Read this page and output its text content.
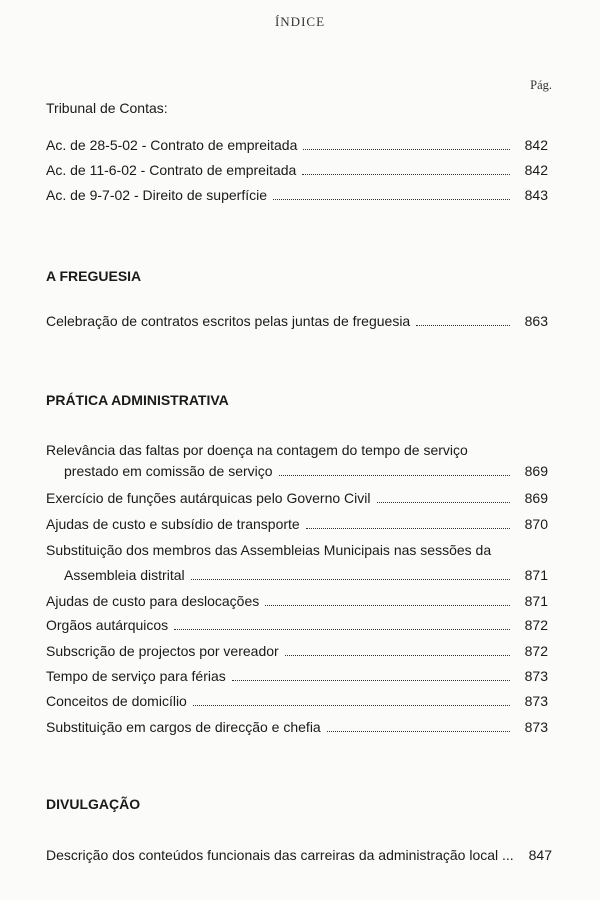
ÍNDICE
Pág.
Tribunal de Contas:
Ac. de 28-5-02 - Contrato de empreitada	842
Ac. de 11-6-02 - Contrato de empreitada	842
Ac. de 9-7-02 - Direito de superfície	843
A FREGUESIA
Celebração de contratos escritos pelas juntas de freguesia	863
PRÁTICA ADMINISTRATIVA
Relevância das faltas por doença na contagem do tempo de serviço
prestado em comissão de serviço	869
Exercício de funções autárquicas pelo Governo Civil	869
Ajudas de custo e subsídio de transporte	870
Substituição dos membros das Assembleias Municipais nas sessões da
Assembleia distrital	871
Ajudas de custo para deslocações	871
Orgãos autárquicos	872
Subscrição de projectos por vereador	872
Tempo de serviço para férias	873
Conceitos de domicílio	873
Substituição em cargos de direcção e chefia	873
DIVULGAÇÃO
Descrição dos conteúdos funcionais das carreiras da administração local ... 847
